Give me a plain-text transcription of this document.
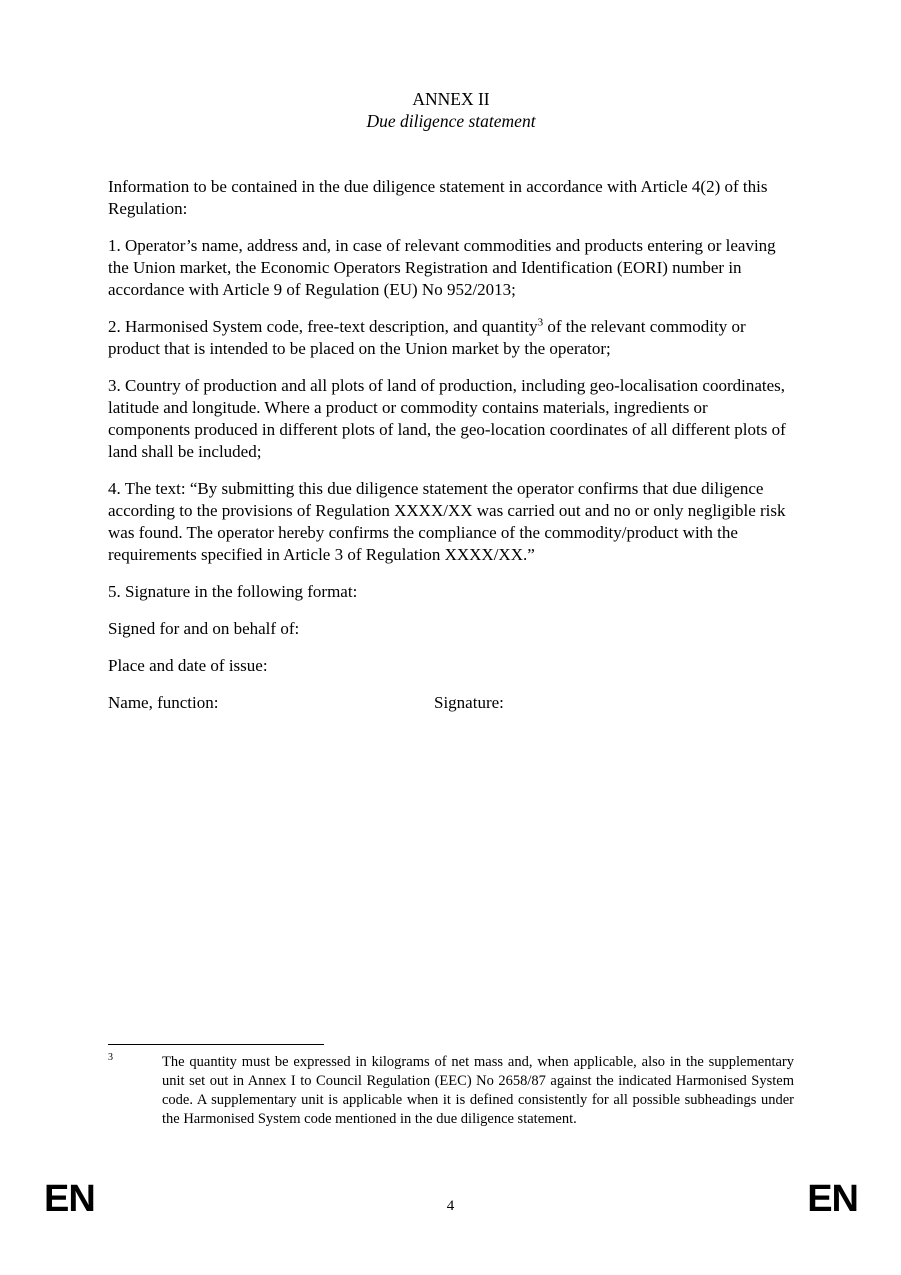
ANNEX II
Due diligence statement

Information to be contained in the due diligence statement in accordance with Article 4(2) of this Regulation:

1. Operator’s name, address and, in case of relevant commodities and products entering or leaving the Union market, the Economic Operators Registration and Identification (EORI) number in accordance with Article 9 of Regulation (EU) No 952/2013;

2. Harmonised System code, free-text description, and quantity$^3$ of the relevant commodity or product that is intended to be placed on the Union market by the operator;

3. Country of production and all plots of land of production, including geo-localisation coordinates, latitude and longitude. Where a product or commodity contains materials, ingredients or components produced in different plots of land, the geo-location coordinates of all different plots of land shall be included;

4. The text: “By submitting this due diligence statement the operator confirms that due diligence according to the provisions of Regulation XXXX/XX was carried out and no or only negligible risk was found. The operator hereby confirms the compliance of the commodity/product with the requirements specified in Article 3 of Regulation XXXX/XX.”

5. Signature in the following format:

Signed for and on behalf of:

Place and date of issue:

Name, function:	Signature:
$^3$	The quantity must be expressed in kilograms of net mass and, when applicable, also in the supplementary unit set out in Annex I to Council Regulation (EEC) No 2658/87 against the indicated Harmonised System code. A supplementary unit is applicable when it is defined consistently for all possible subheadings under the Harmonised System code mentioned in the due diligence statement.
EN	4	EN
